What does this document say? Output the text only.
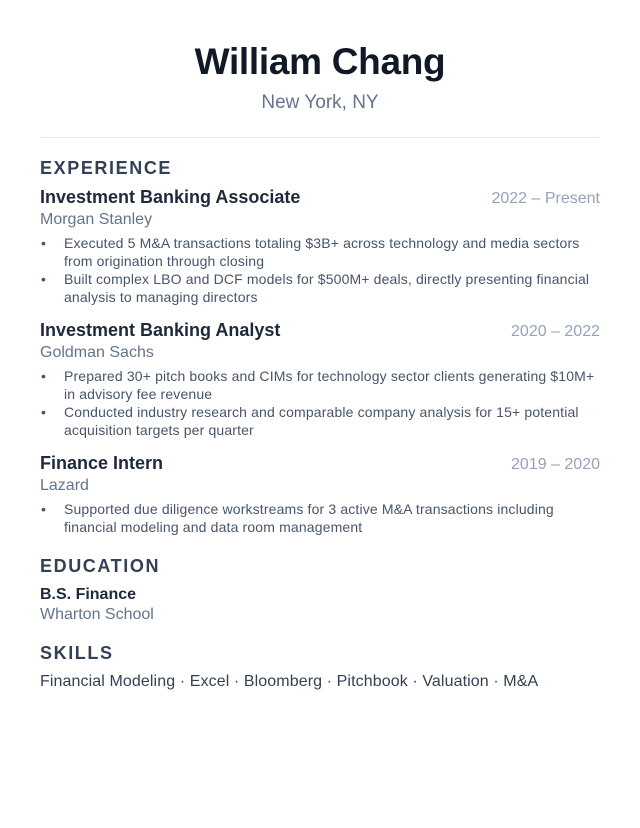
William Chang
New York, NY
EXPERIENCE
Investment Banking Associate	2022 – Present
Morgan Stanley
• Executed 5 M&A transactions totaling $3B+ across technology and media sectors from origination through closing
• Built complex LBO and DCF models for $500M+ deals, directly presenting financial analysis to managing directors
Investment Banking Analyst	2020 – 2022
Goldman Sachs
• Prepared 30+ pitch books and CIMs for technology sector clients generating $10M+ in advisory fee revenue
• Conducted industry research and comparable company analysis for 15+ potential acquisition targets per quarter
Finance Intern	2019 – 2020
Lazard
• Supported due diligence workstreams for 3 active M&A transactions including financial modeling and data room management
EDUCATION
B.S. Finance
Wharton School
SKILLS
Financial Modeling · Excel · Bloomberg · Pitchbook · Valuation · M&A
